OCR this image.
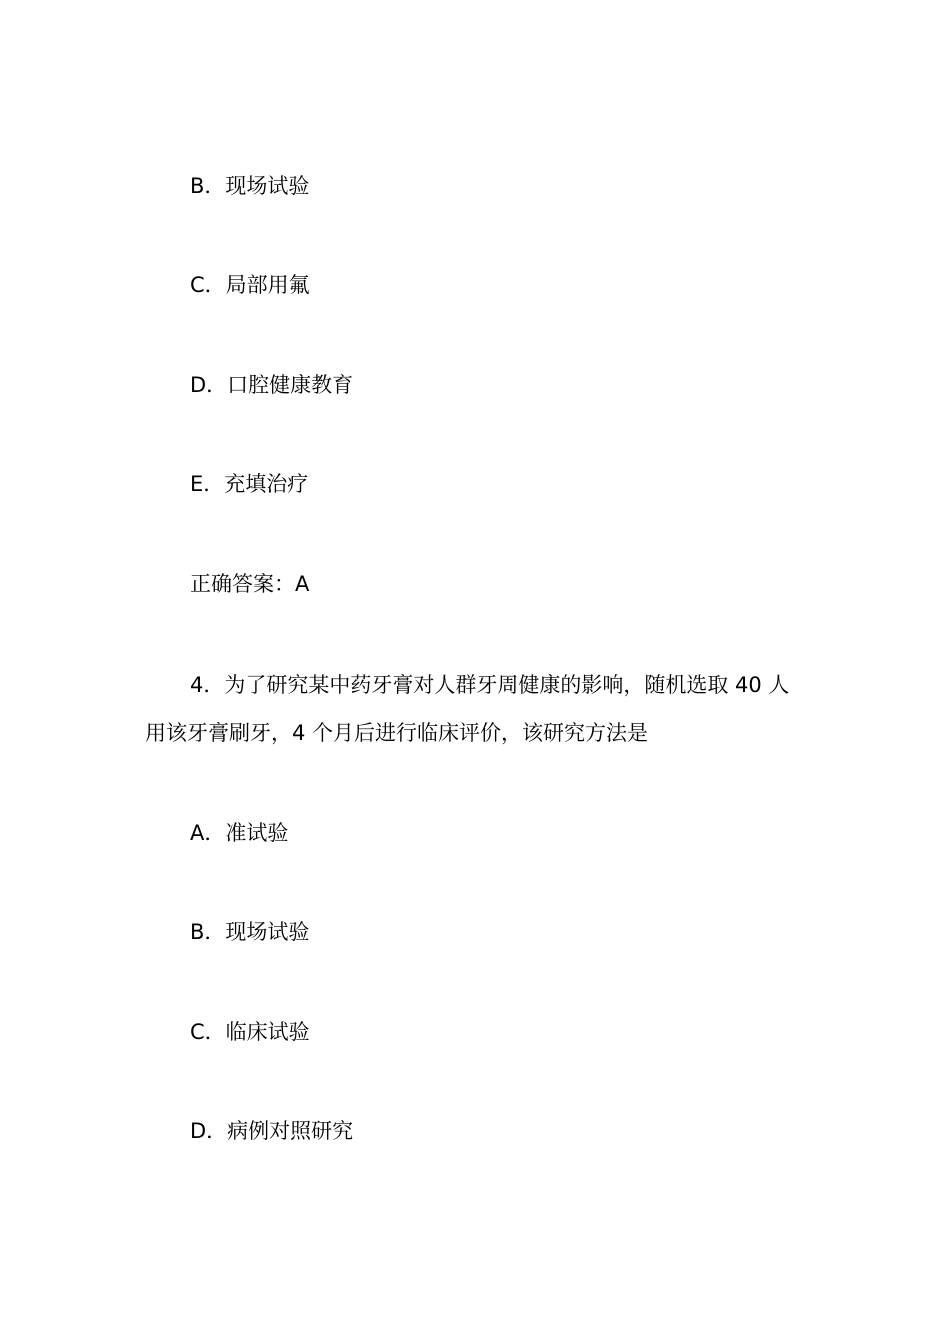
B．现场试验
C．局部用氟
D．口腔健康教育
E．充填治疗
正确答案：A
4．为了研究某中药牙膏对人群牙周健康的影响，随机选取 40 人
用该牙膏刷牙，4 个月后进行临床评价，该研究方法是
A．准试验
B．现场试验
C．临床试验
D．病例对照研究
